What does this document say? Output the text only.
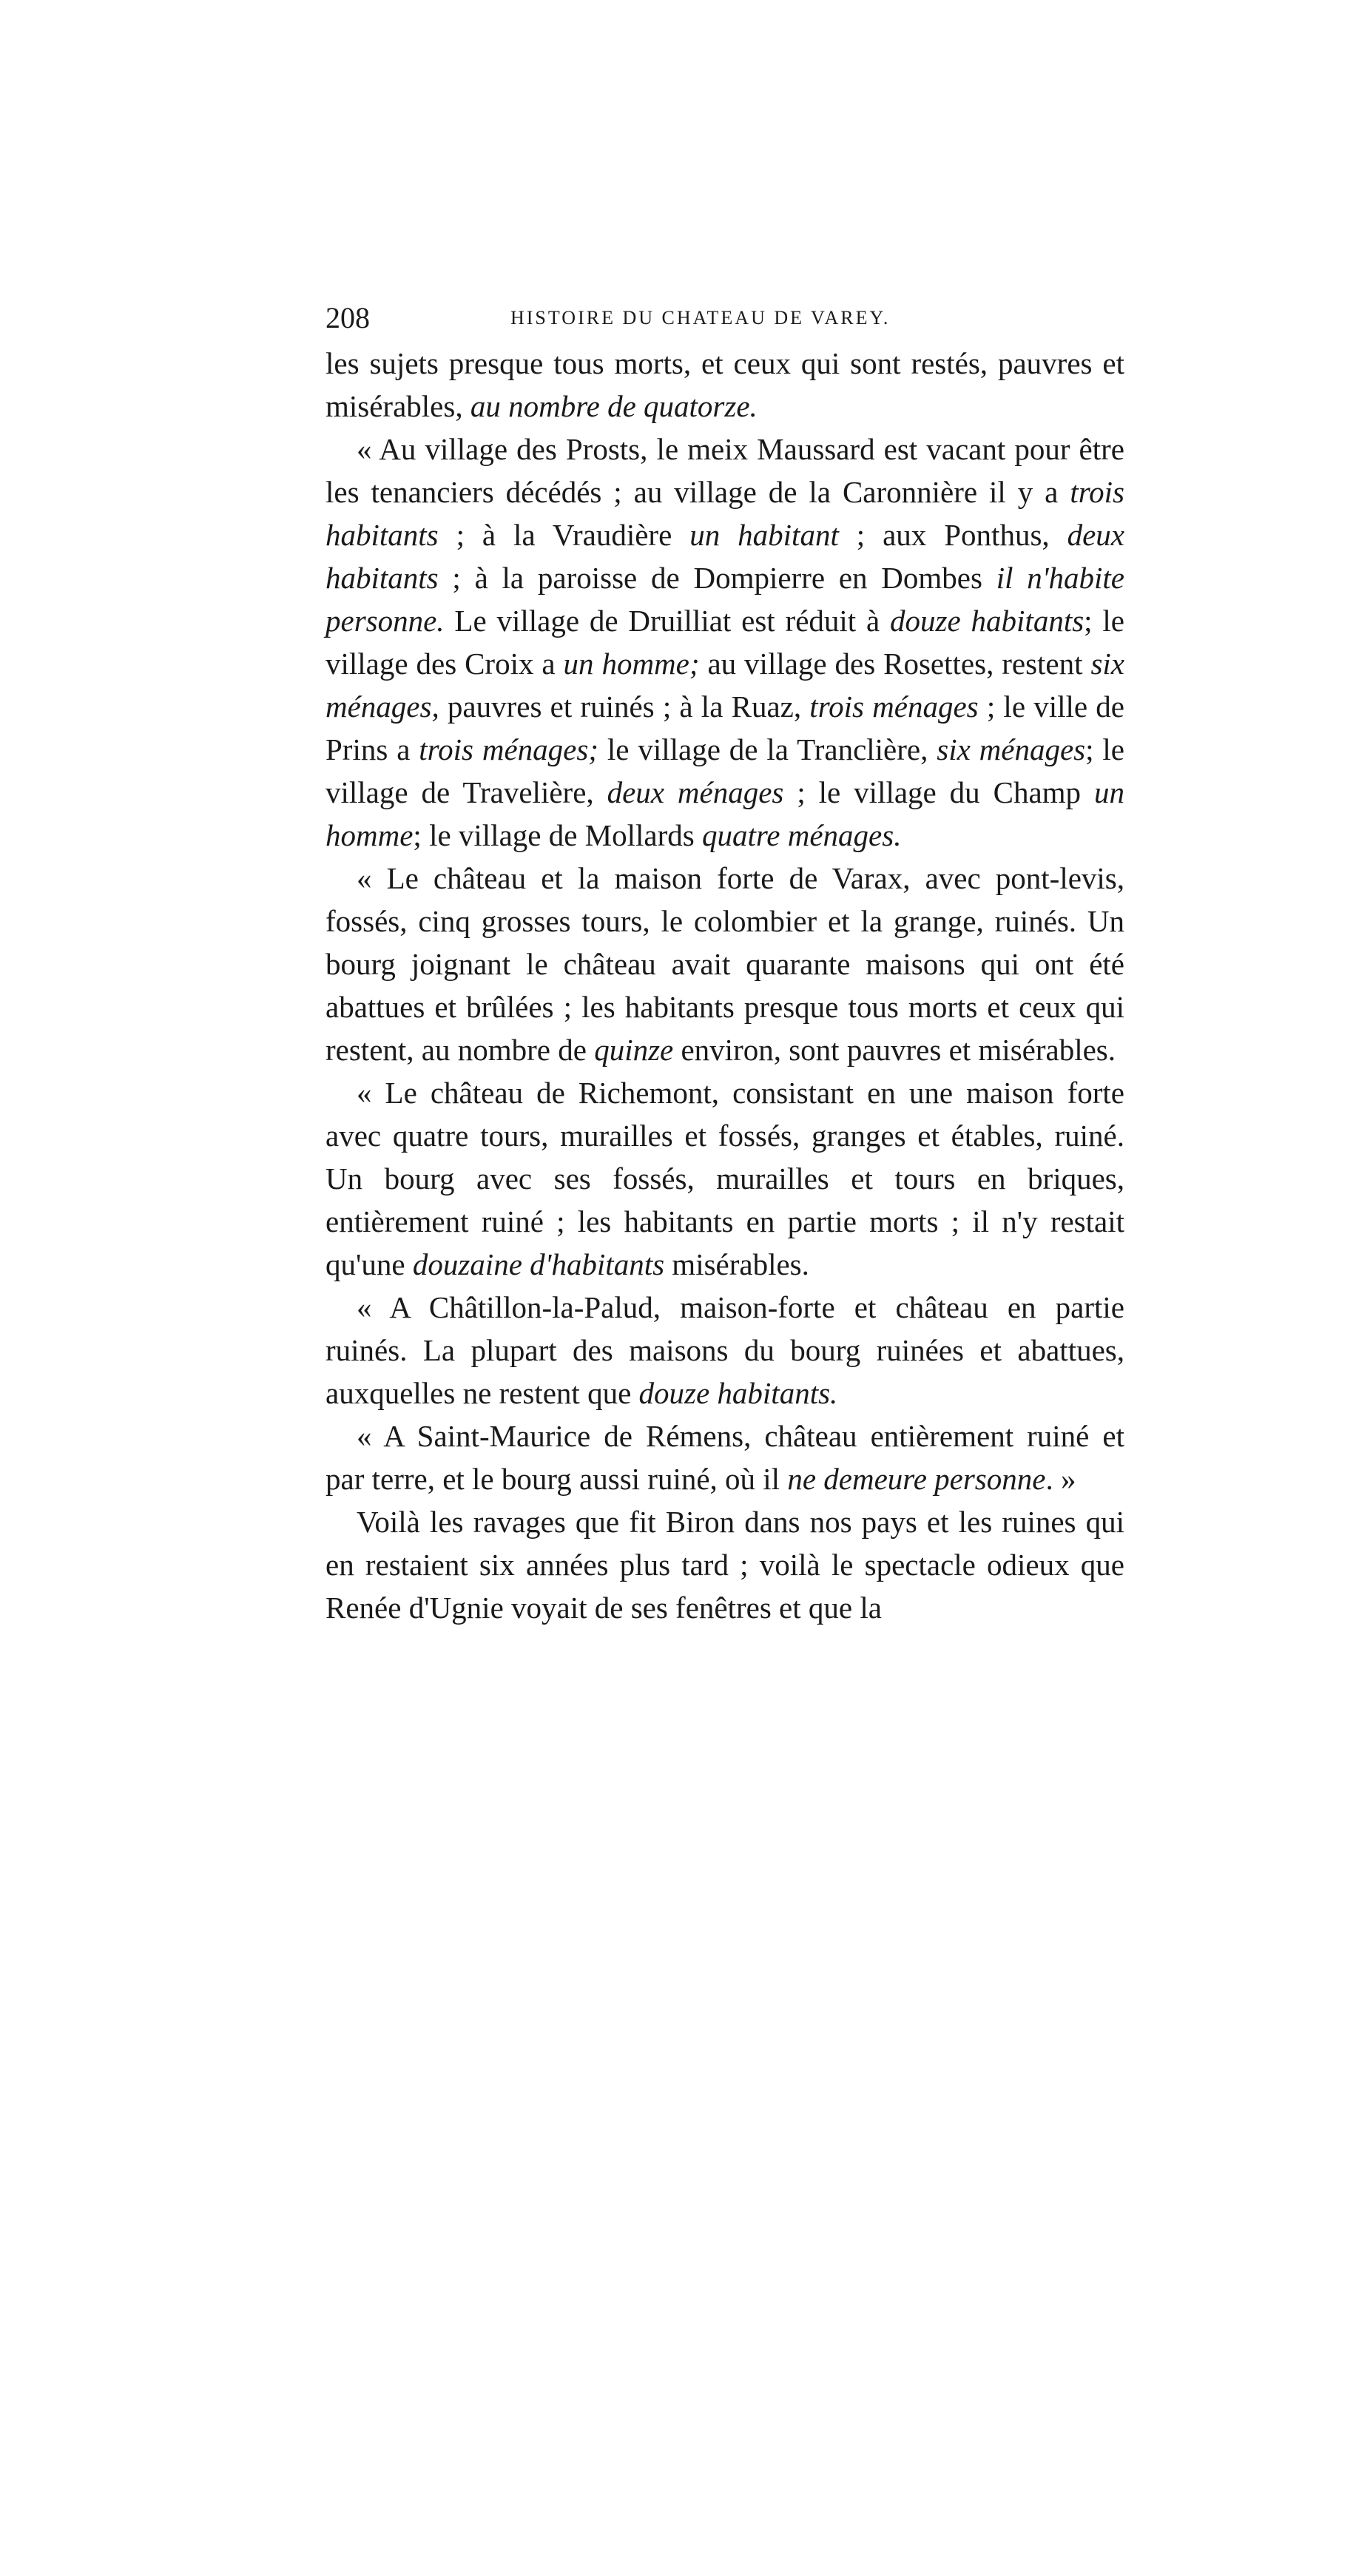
208	HISTOIRE DU CHATEAU DE VAREY.

les sujets presque tous morts, et ceux qui sont restés, pauvres et misérables, au nombre de quatorze.

« Au village des Prosts, le meix Maussard est vacant pour être les tenanciers décédés ; au village de la Caronnière il y a trois habitants ; à la Vraudière un habitant ; aux Ponthus, deux habitants ; à la paroisse de Dompierre en Dombes il n'habite personne. Le village de Druilliat est réduit à douze habitants; le village des Croix a un homme; au village des Rosettes, restent six ménages, pauvres et ruinés ; à la Ruaz, trois ménages ; le ville de Prins a trois ménages; le village de la Tranclière, six ménages; le village de Travelière, deux ménages ; le village du Champ un homme; le village de Mollards quatre ménages.

« Le château et la maison forte de Varax, avec pont-levis, fossés, cinq grosses tours, le colombier et la grange, ruinés. Un bourg joignant le château avait quarante maisons qui ont été abattues et brûlées ; les habitants presque tous morts et ceux qui restent, au nombre de quinze environ, sont pauvres et misérables.

« Le château de Richemont, consistant en une maison forte avec quatre tours, murailles et fossés, granges et étables, ruiné. Un bourg avec ses fossés, murailles et tours en briques, entièrement ruiné ; les habitants en partie morts ; il n'y restait qu'une douzaine d'habitants misérables.

« A Châtillon-la-Palud, maison-forte et château en partie ruinés. La plupart des maisons du bourg ruinées et abattues, auxquelles ne restent que douze habitants.

« A Saint-Maurice de Rémens, château entièrement ruiné et par terre, et le bourg aussi ruiné, où il ne demeure personne. »

Voilà les ravages que fit Biron dans nos pays et les ruines qui en restaient six années plus tard ; voilà le spectacle odieux que Renée d'Ugnie voyait de ses fenêtres et que la
